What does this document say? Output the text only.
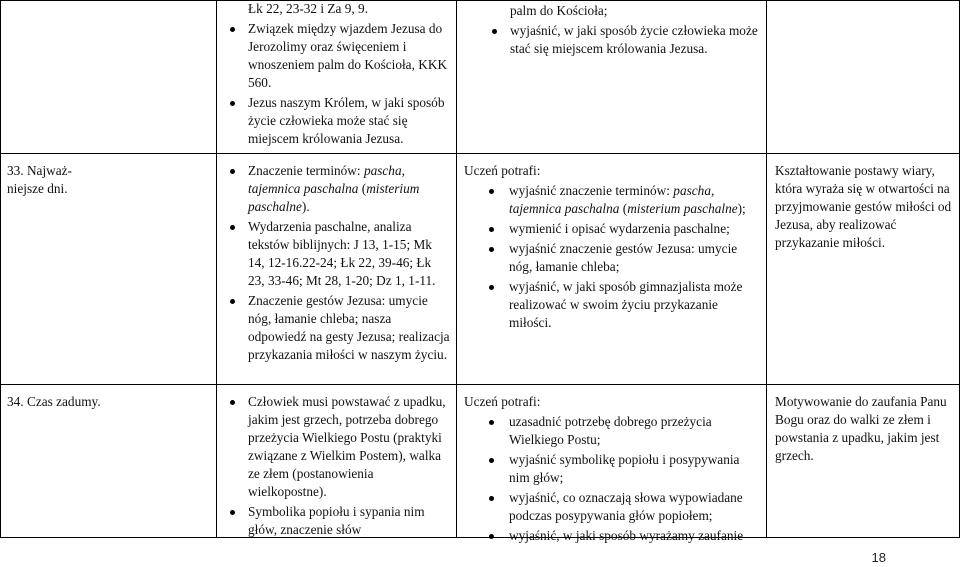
Łk 22, 23-32 i Za 9, 9.
Związek między wjazdem Jezusa do Jerozolimy oraz święceniem i wnoszeniem palm do Kościoła, KKK 560.
Jezus naszym Królem, w jaki sposób życie człowieka może stać się miejscem królowania Jezusa.

palm do Kościoła;

wyjaśnić, w jaki sposób życie człowieka może stać się miejscem królowania Jezusa.

33. Najważ-niejsze dni.

Znaczenie terminów: pascha, tajemnica paschalna (misterium paschalne).
Wydarzenia paschalne, analiza tekstów biblijnych: J 13, 1-15; Mk 14, 12-16.22-24; Łk 22, 39-46; Łk 23, 33-46; Mt 28, 1-20; Dz 1, 1-11.
Znaczenie gestów Jezusa: umycie nóg, łamanie chleba; nasza odpowiedź na gesty Jezusa; realizacja przykazania miłości w naszym życiu.

Uczeń potrafi:

wyjaśnić znaczenie terminów: pascha, tajemnica paschalna (misterium paschalne);
wymienić i opisać wydarzenia paschalne;
wyjaśnić znaczenie gestów Jezusa: umycie nóg, łamanie chleba;
wyjaśnić, w jaki sposób gimnazjalista może realizować w swoim życiu przykazanie miłości.

Kształtowanie postawy wiary, która wyraża się w otwartości na przyjmowanie gestów miłości od Jezusa, aby realizować przykazanie miłości.

34. Czas zadumy.	Człowiek musi powstawać z upadku, jakim jest grzech, potrzeba dobrego przeżycia Wielkiego Postu (praktyki związane z Wielkim Postem), walka ze złem (postanowienia wielkopostne).
Symbolika popiołu i sypania nim głów, znaczenie słów

Uczeń potrafi:

uzasadnić potrzebę dobrego przeżycia Wielkiego Postu;
wyjaśnić symbolikę popiołu i posypywania nim głów;
wyjaśnić, co oznaczają słowa wypowiadane podczas posypywania głów popiołem;
wyjaśnić, w jaki sposób wyrażamy zaufanie

Motywowanie do zaufania Panu Bogu oraz do walki ze złem i powstania z upadku, jakim jest grzech.

18
